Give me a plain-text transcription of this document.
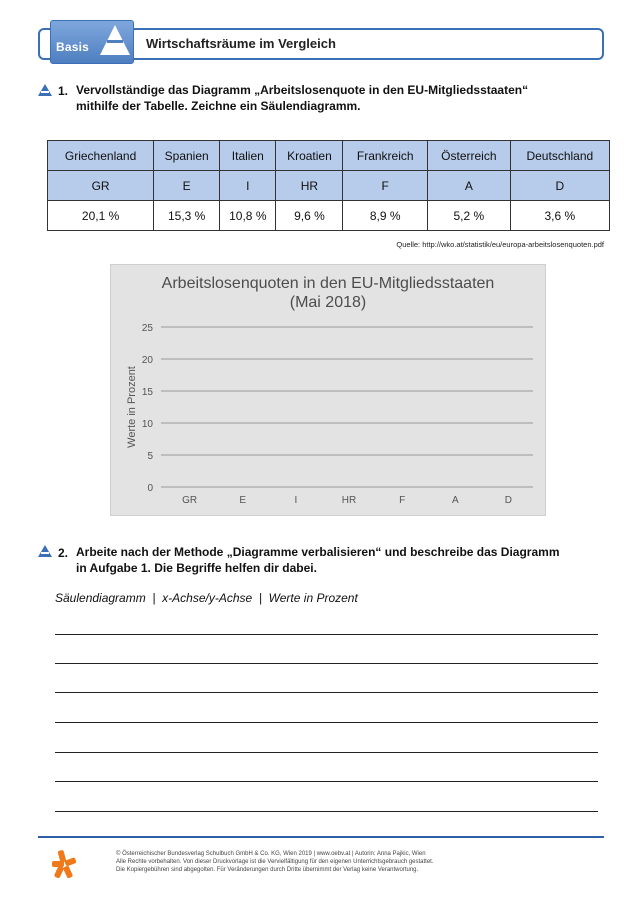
Basis	Wirtschaftsräume im Vergleich
1. Vervollständige das Diagramm „Arbeitslosenquote in den EU-Mitgliedsstaaten“
mithilfe der Tabelle. Zeichne ein Säulendiagramm.
Griechenland	Spanien	Italien	Kroatien	Frankreich	Österreich	Deutschland
GR	E	I	HR	F	A	D
20,1 %	15,3 %	10,8 %	9,6 %	8,9 %	5,2 %	3,6 %
Quelle: http://wko.at/statistik/eu/europa-arbeitslosenquoten.pdf
Arbeitslosenquoten in den EU-Mitgliedsstaaten
(Mai 2018)
0
5
10
15
20
25
GR	E	I	HR	F	A	D
Werte in Prozent
2. Arbeite nach der Methode „Diagramme verbalisieren“ und beschreibe das Diagramm
in Aufgabe 1. Die Begriffe helfen dir dabei.
Säulendiagramm  |  x-Achse/y-Achse  |  Werte in Prozent
© Österreichischer Bundesverlag Schulbuch GmbH & Co. KG, Wien 2019 | www.oebv.at | Autorin: Anna Pajkic, Wien
Alle Rechte vorbehalten. Von dieser Druckvorlage ist die Vervielfältigung für den eigenen Unterrichtsgebrauch gestattet.
Die Kopiergebühren sind abgegolten. Für Veränderungen durch Dritte übernimmt der Verlag keine Verantwortung.
